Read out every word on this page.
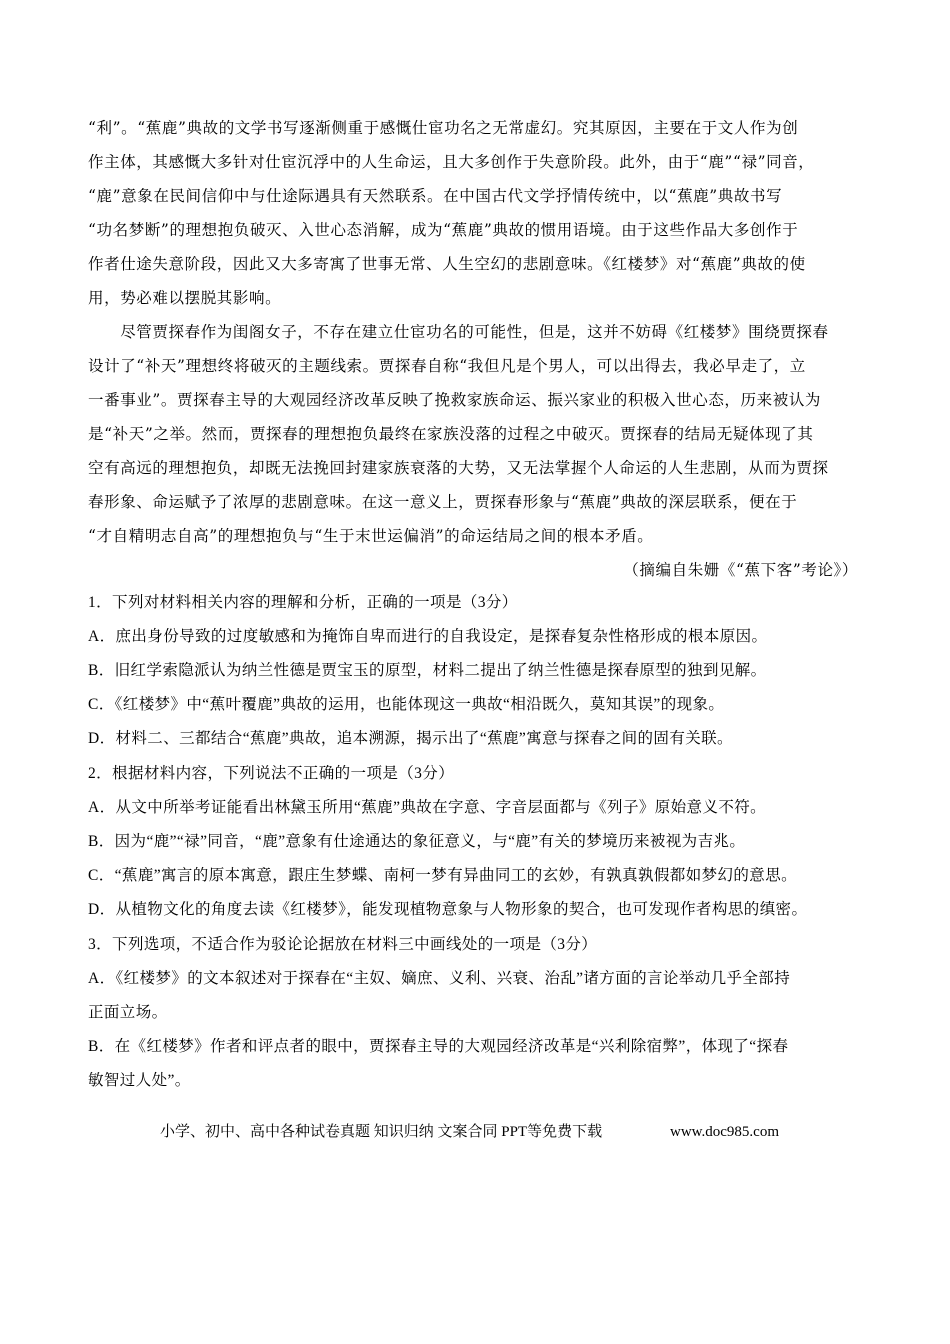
“利”。“蕉鹿”典故的文学书写逐渐侧重于感慨仕宦功名之无常虚幻。究其原因，主要在于文人作为创
作主体，其感慨大多针对仕宦沉浮中的人生命运，且大多创作于失意阶段。此外，由于“鹿”“禄”同音，
“鹿”意象在民间信仰中与仕途际遇具有天然联系。在中国古代文学抒情传统中，以“蕉鹿”典故书写
“功名梦断”的理想抱负破灭、入世心态消解，成为“蕉鹿”典故的惯用语境。由于这些作品大多创作于
作者仕途失意阶段，因此又大多寄寓了世事无常、人生空幻的悲剧意味。《红楼梦》对“蕉鹿”典故的使
用，势必难以摆脱其影响。
　　尽管贾探春作为闺阁女子，不存在建立仕宦功名的可能性，但是，这并不妨碍《红楼梦》围绕贾探春
设计了“补天”理想终将破灭的主题线索。贾探春自称“我但凡是个男人，可以出得去，我必早走了，立
一番事业”。贾探春主导的大观园经济改革反映了挽救家族命运、振兴家业的积极入世心态，历来被认为
是“补天”之举。然而，贾探春的理想抱负最终在家族没落的过程之中破灭。贾探春的结局无疑体现了其
空有高远的理想抱负，却既无法挽回封建家族衰落的大势，又无法掌握个人命运的人生悲剧，从而为贾探
春形象、命运赋予了浓厚的悲剧意味。在这一意义上，贾探春形象与“蕉鹿”典故的深层联系，便在于
“才自精明志自高”的理想抱负与“生于末世运偏消”的命运结局之间的根本矛盾。
（摘编自朱姗《“蕉下客”考论》）
1．下列对材料相关内容的理解和分析，正确的一项是（3分）
A．庶出身份导致的过度敏感和为掩饰自卑而进行的自我设定，是探春复杂性格形成的根本原因。
B．旧红学索隐派认为纳兰性德是贾宝玉的原型，材料二提出了纳兰性德是探春原型的独到见解。
C．《红楼梦》中“蕉叶覆鹿”典故的运用，也能体现这一典故“相沿既久，莫知其误”的现象。
D．材料二、三都结合“蕉鹿”典故，追本溯源，揭示出了“蕉鹿”寓意与探春之间的固有关联。
2．根据材料内容，下列说法不正确的一项是（3分）
A．从文中所举考证能看出林黛玉所用“蕉鹿”典故在字意、字音层面都与《列子》原始意义不符。
B．因为“鹿”“禄”同音，“鹿”意象有仕途通达的象征意义，与“鹿”有关的梦境历来被视为吉兆。
C．“蕉鹿”寓言的原本寓意，跟庄生梦蝶、南柯一梦有异曲同工的玄妙，有孰真孰假都如梦幻的意思。
D．从植物文化的角度去读《红楼梦》，能发现植物意象与人物形象的契合，也可发现作者构思的缜密。
3．下列选项，不适合作为驳论论据放在材料三中画线处的一项是（3分）
A．《红楼梦》的文本叙述对于探春在“主奴、嫡庶、义利、兴衰、治乱”诸方面的言论举动几乎全部持
正面立场。
B．在《红楼梦》作者和评点者的眼中，贾探春主导的大观园经济改革是“兴利除宿弊”，体现了“探春
敏智过人处”。
小学、初中、高中各种试卷真题 知识归纳 文案合同 PPT等免费下载	www.doc985.com
